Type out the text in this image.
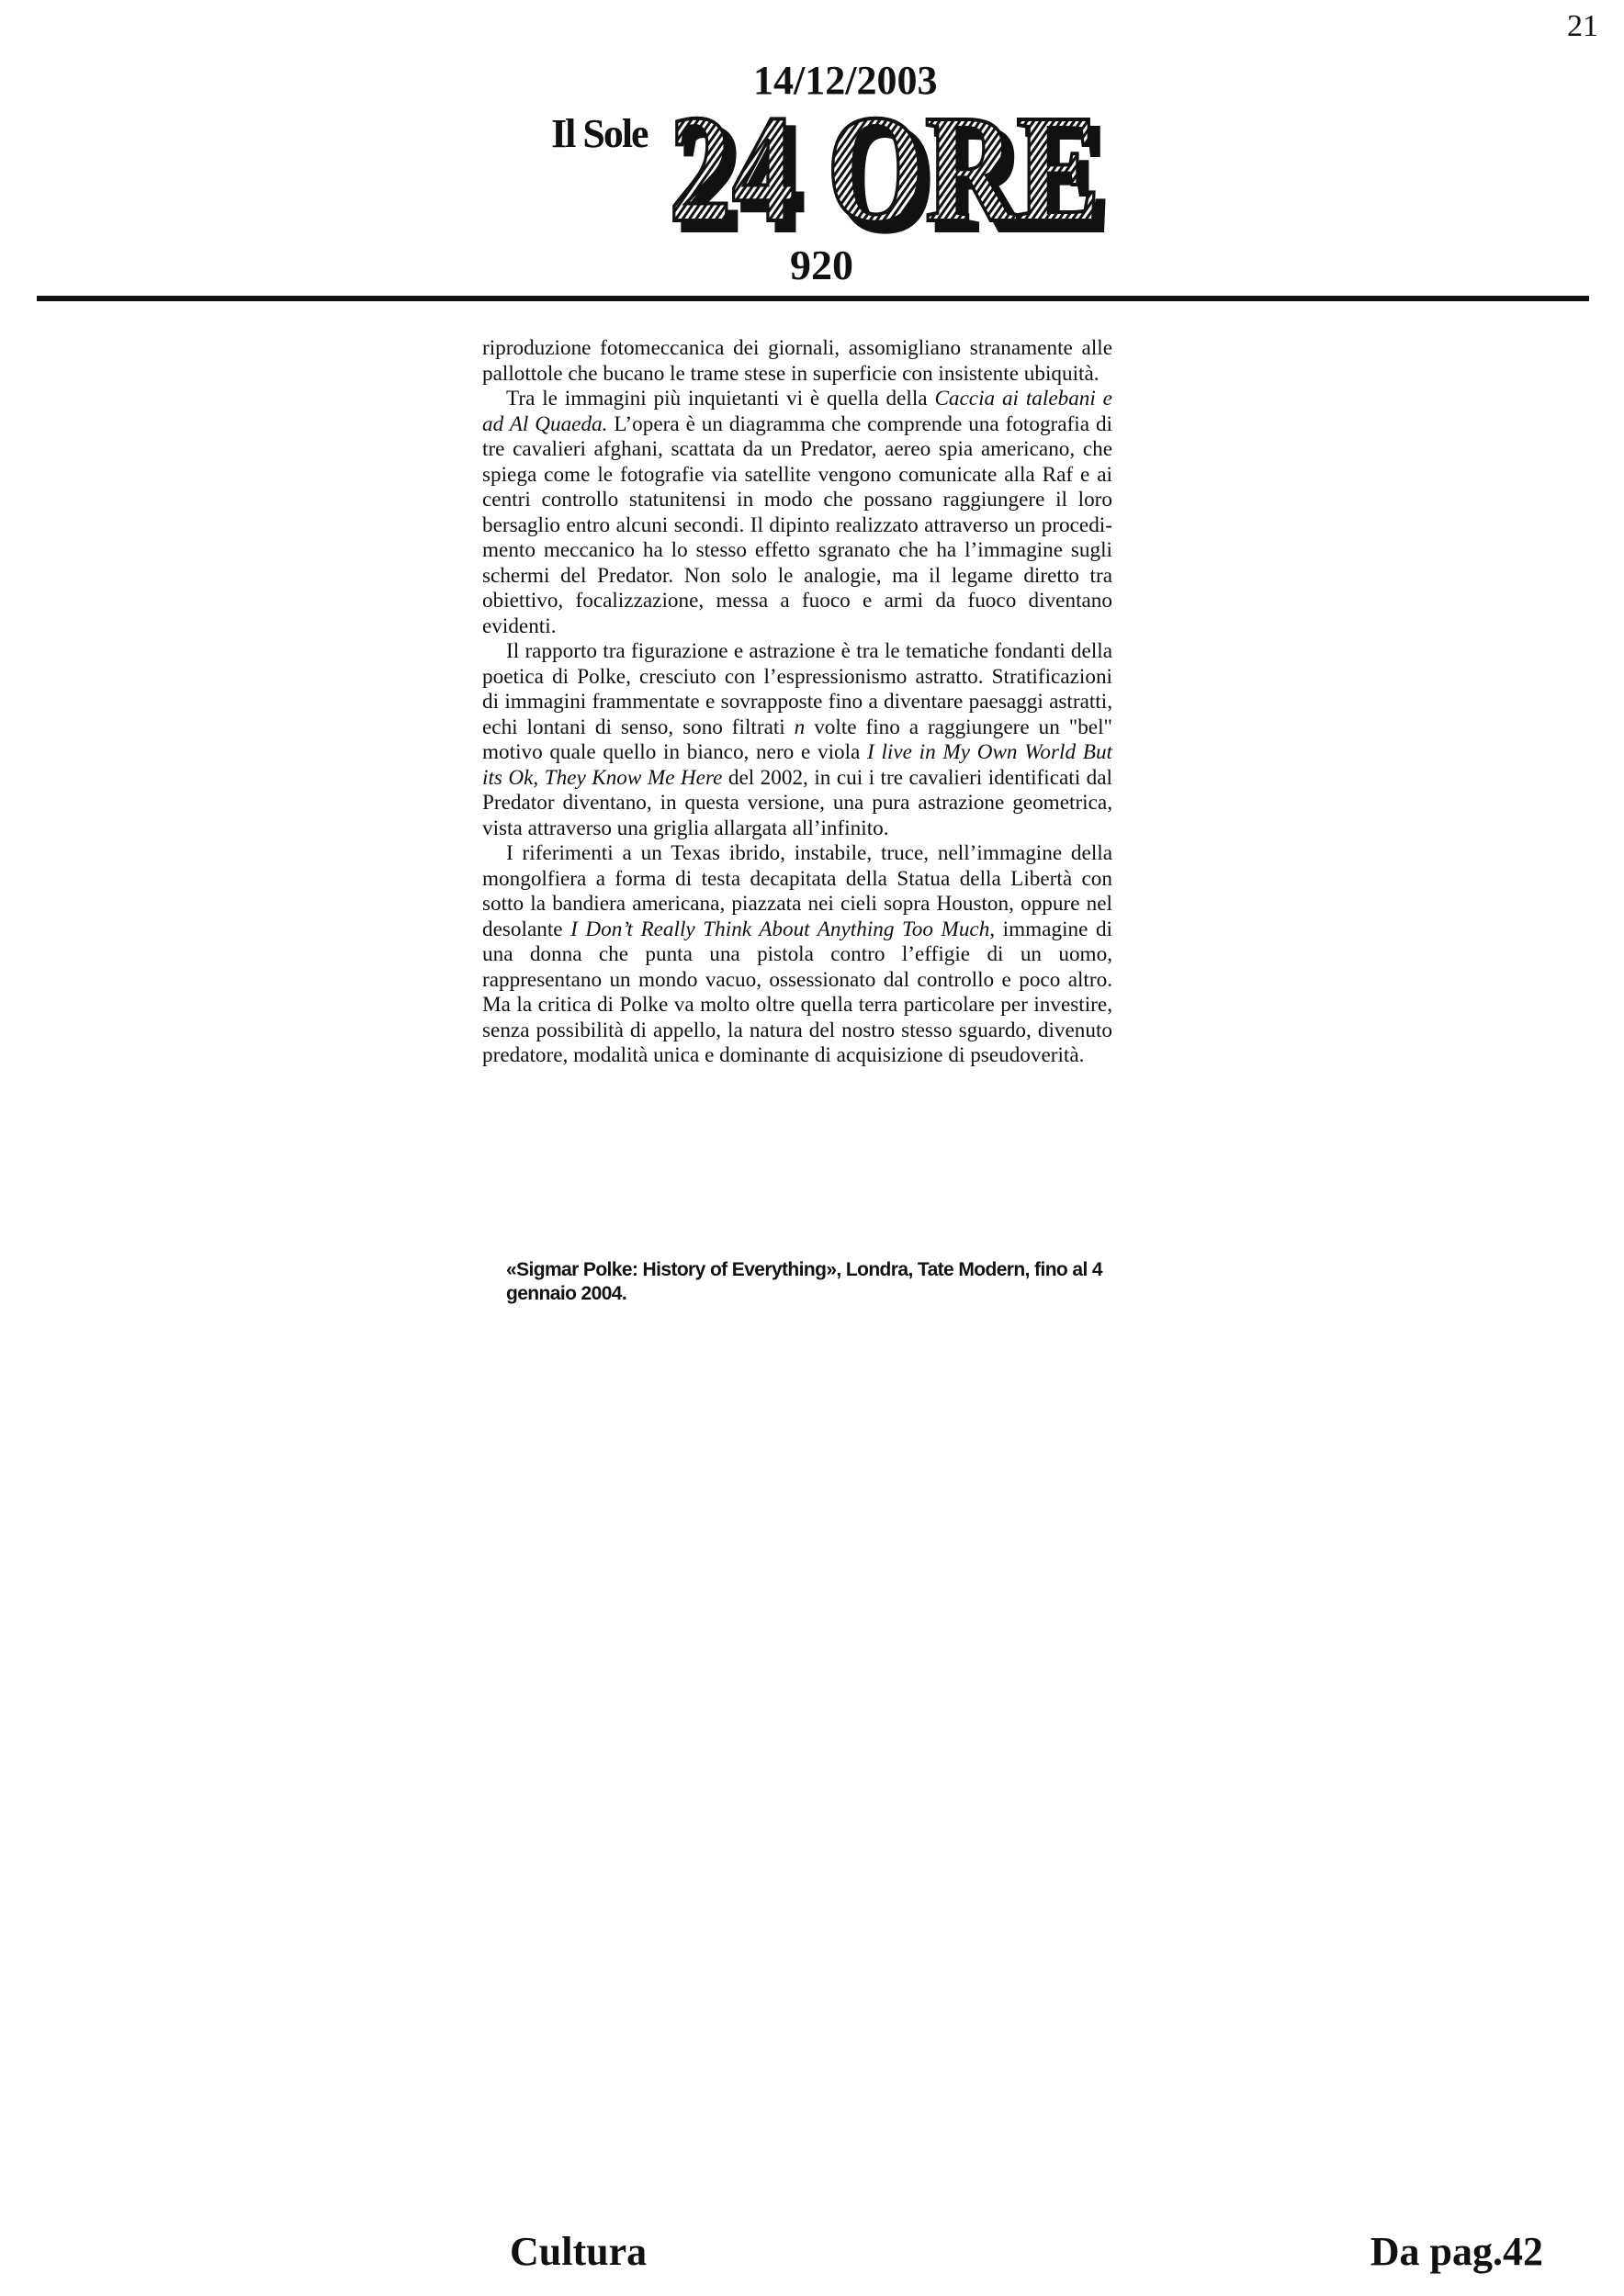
21
14/12/2003
Il Sole 24 ORE
24 ORE
920

riproduzione fotomeccanica dei giornali, assomigliano stranamente alle pallottole che bucano le trame stese in superficie con insistente ubiquità.

Tra le immagini più inquietanti vi è quella della Caccia ai talebani e ad Al Quaeda. L’opera è un diagramma che comprende una fotografia di tre cavalieri afghani, scattata da un Predator, aereo spia americano, che spiega come le fotografie via satellite vengono comunicate alla Raf e ai centri controllo statunitensi in modo che possano raggiungere il loro bersaglio entro alcuni secondi. Il dipinto realizzato attraverso un procedimento meccanico ha lo stesso effetto sgranato che ha l’immagine sugli schermi del Predator. Non solo le analogie, ma il legame diretto tra obiettivo, focalizzazione, messa a fuoco e armi da fuoco diventano evidenti.

Il rapporto tra figurazione e astrazione è tra le tematiche fondanti della poetica di Polke, cresciuto con l’espressionismo astratto. Stratificazioni di immagini frammentate e sovrapposte fino a diventare paesaggi astratti, echi lontani di senso, sono filtrati n volte fino a raggiungere un "bel" motivo quale quello in bianco, nero e viola I live in My Own World But its Ok, They Know Me Here del 2002, in cui i tre cavalieri identificati dal Predator diventano, in questa versione, una pura astrazione geometrica, vista attraverso una griglia allargata all’infinito.

I riferimenti a un Texas ibrido, instabile, truce, nell’immagine della mongolfiera a forma di testa decapitata della Statua della Libertà con sotto la bandiera americana, piazzata nei cieli sopra Houston, oppure nel desolante I Don’t Really Think About Anything Too Much, immagine di una donna che punta una pistola contro l’effigie di un uomo, rappresentano un mondo vacuo, ossessionato dal controllo e poco altro. Ma la critica di Polke va molto oltre quella terra particolare per investire, senza possibilità di appello, la natura del nostro stesso sguardo, divenuto predatore, modalità unica e dominante di acquisizione di pseudoverità.

«Sigmar Polke: History of Everything», Londra, Tate Modern, fino al 4 gennaio 2004.
Cultura	Da pag.42
